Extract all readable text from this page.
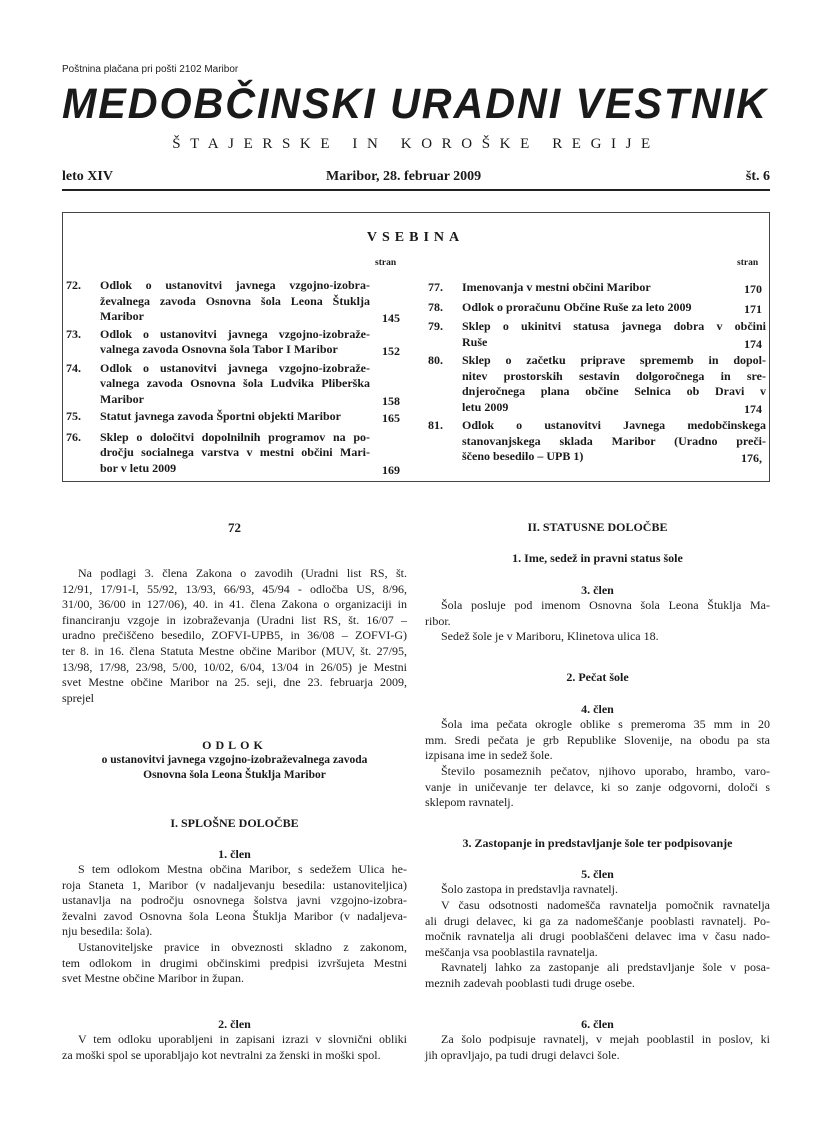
Poštnina plačana pri pošti 2102 Maribor
MEDOBČINSKI URADNI VESTNIK
ŠTAJERSKE IN KOROŠKE REGIJE
leto XIV	Maribor, 28. februar 2009	št. 6
VSEBINA
stran	stran
72. Odlok o ustanovitvi javnega vzgojno-izobra-
ževalnega zavoda Osnovna šola Leona Štuklja
Maribor	145
73. Odlok o ustanovitvi javnega vzgojno-izobraže-
valnega zavoda Osnovna šola Tabor I Maribor	152
74. Odlok o ustanovitvi javnega vzgojno-izobraže-
valnega zavoda Osnovna šola Ludvika Pliberška
Maribor	158
75. Statut javnega zavoda Športni objekti Maribor	165
76. Sklep o določitvi dopolnilnih programov na po-
dročju socialnega varstva v mestni občini Mari-
bor v letu 2009	169
77. Imenovanja v mestni občini Maribor	170
78. Odlok o proračunu Občine Ruše za leto 2009	171
79. Sklep o ukinitvi statusa javnega dobra v občini
Ruše	174
80. Sklep o začetku priprave sprememb in dopol-
nitev prostorskih sestavin dolgoročnega in sre-
dnjeročnega plana občine Selnica ob Dravi v
letu 2009	174
81. Odlok o ustanovitvi Javnega medobčinskega
stanovanjskega sklada Maribor (Uradno preči-
ščeno besedilo – UPB 1)	176,
72
Na podlagi 3. člena Zakona o zavodih (Uradni list RS, št.
12/91, 17/91-I, 55/92, 13/93, 66/93, 45/94 - odločba US, 8/96,
31/00, 36/00 in 127/06), 40. in 41. člena Zakona o organizaciji in
financiranju vzgoje in izobraževanja (Uradni list RS, št. 16/07 –
uradno prečiščeno besedilo, ZOFVI-UPB5, in 36/08 – ZOFVI-G)
ter 8. in 16. člena Statuta Mestne občine Maribor (MUV, št. 27/95,
13/98, 17/98, 23/98, 5/00, 10/02, 6/04, 13/04 in 26/05) je Mestni
svet Mestne občine Maribor na 25. seji, dne 23. februarja 2009,
sprejel
ODLOK
o ustanovitvi javnega vzgojno-izobraževalnega zavoda
Osnovna šola Leona Štuklja Maribor
I. SPLOŠNE DOLOČBE
1. člen
S tem odlokom Mestna občina Maribor, s sedežem Ulica he-
roja Staneta 1, Maribor (v nadaljevanju besedila: ustanoviteljica)
ustanavlja na področju osnovnega šolstva javni vzgojno-izobra-
ževalni zavod Osnovna šola Leona Štuklja Maribor (v nadaljeva-
nju besedila: šola).
Ustanoviteljske pravice in obveznosti skladno z zakonom,
tem odlokom in drugimi občinskimi predpisi izvršujeta Mestni
svet Mestne občine Maribor in župan.
2. člen
V tem odloku uporabljeni in zapisani izrazi v slovnični obliki
za moški spol se uporabljajo kot nevtralni za ženski in moški spol.
II. STATUSNE DOLOČBE
1. Ime, sedež in pravni status šole
3. člen
Šola posluje pod imenom Osnovna šola Leona Štuklja Ma-
ribor.
Sedež šole je v Mariboru, Klinetova ulica 18.
2. Pečat šole
4. člen
Šola ima pečata okrogle oblike s premeroma 35 mm in 20
mm. Sredi pečata je grb Republike Slovenije, na obodu pa sta
izpisana ime in sedež šole.
Število posameznih pečatov, njihovo uporabo, hrambo, varo-
vanje in uničevanje ter delavce, ki so zanje odgovorni, določi s
sklepom ravnatelj.
3. Zastopanje in predstavljanje šole ter podpisovanje
5. člen
Šolo zastopa in predstavlja ravnatelj.
V času odsotnosti nadomešča ravnatelja pomočnik ravnatelja
ali drugi delavec, ki ga za nadomeščanje pooblasti ravnatelj. Po-
močnik ravnatelja ali drugi pooblaščeni delavec ima v času nado-
meščanja vsa pooblastila ravnatelja.
Ravnatelj lahko za zastopanje ali predstavljanje šole v posa-
meznih zadevah pooblasti tudi druge osebe.
6. člen
Za šolo podpisuje ravnatelj, v mejah pooblastil in poslov, ki
jih opravljajo, pa tudi drugi delavci šole.
